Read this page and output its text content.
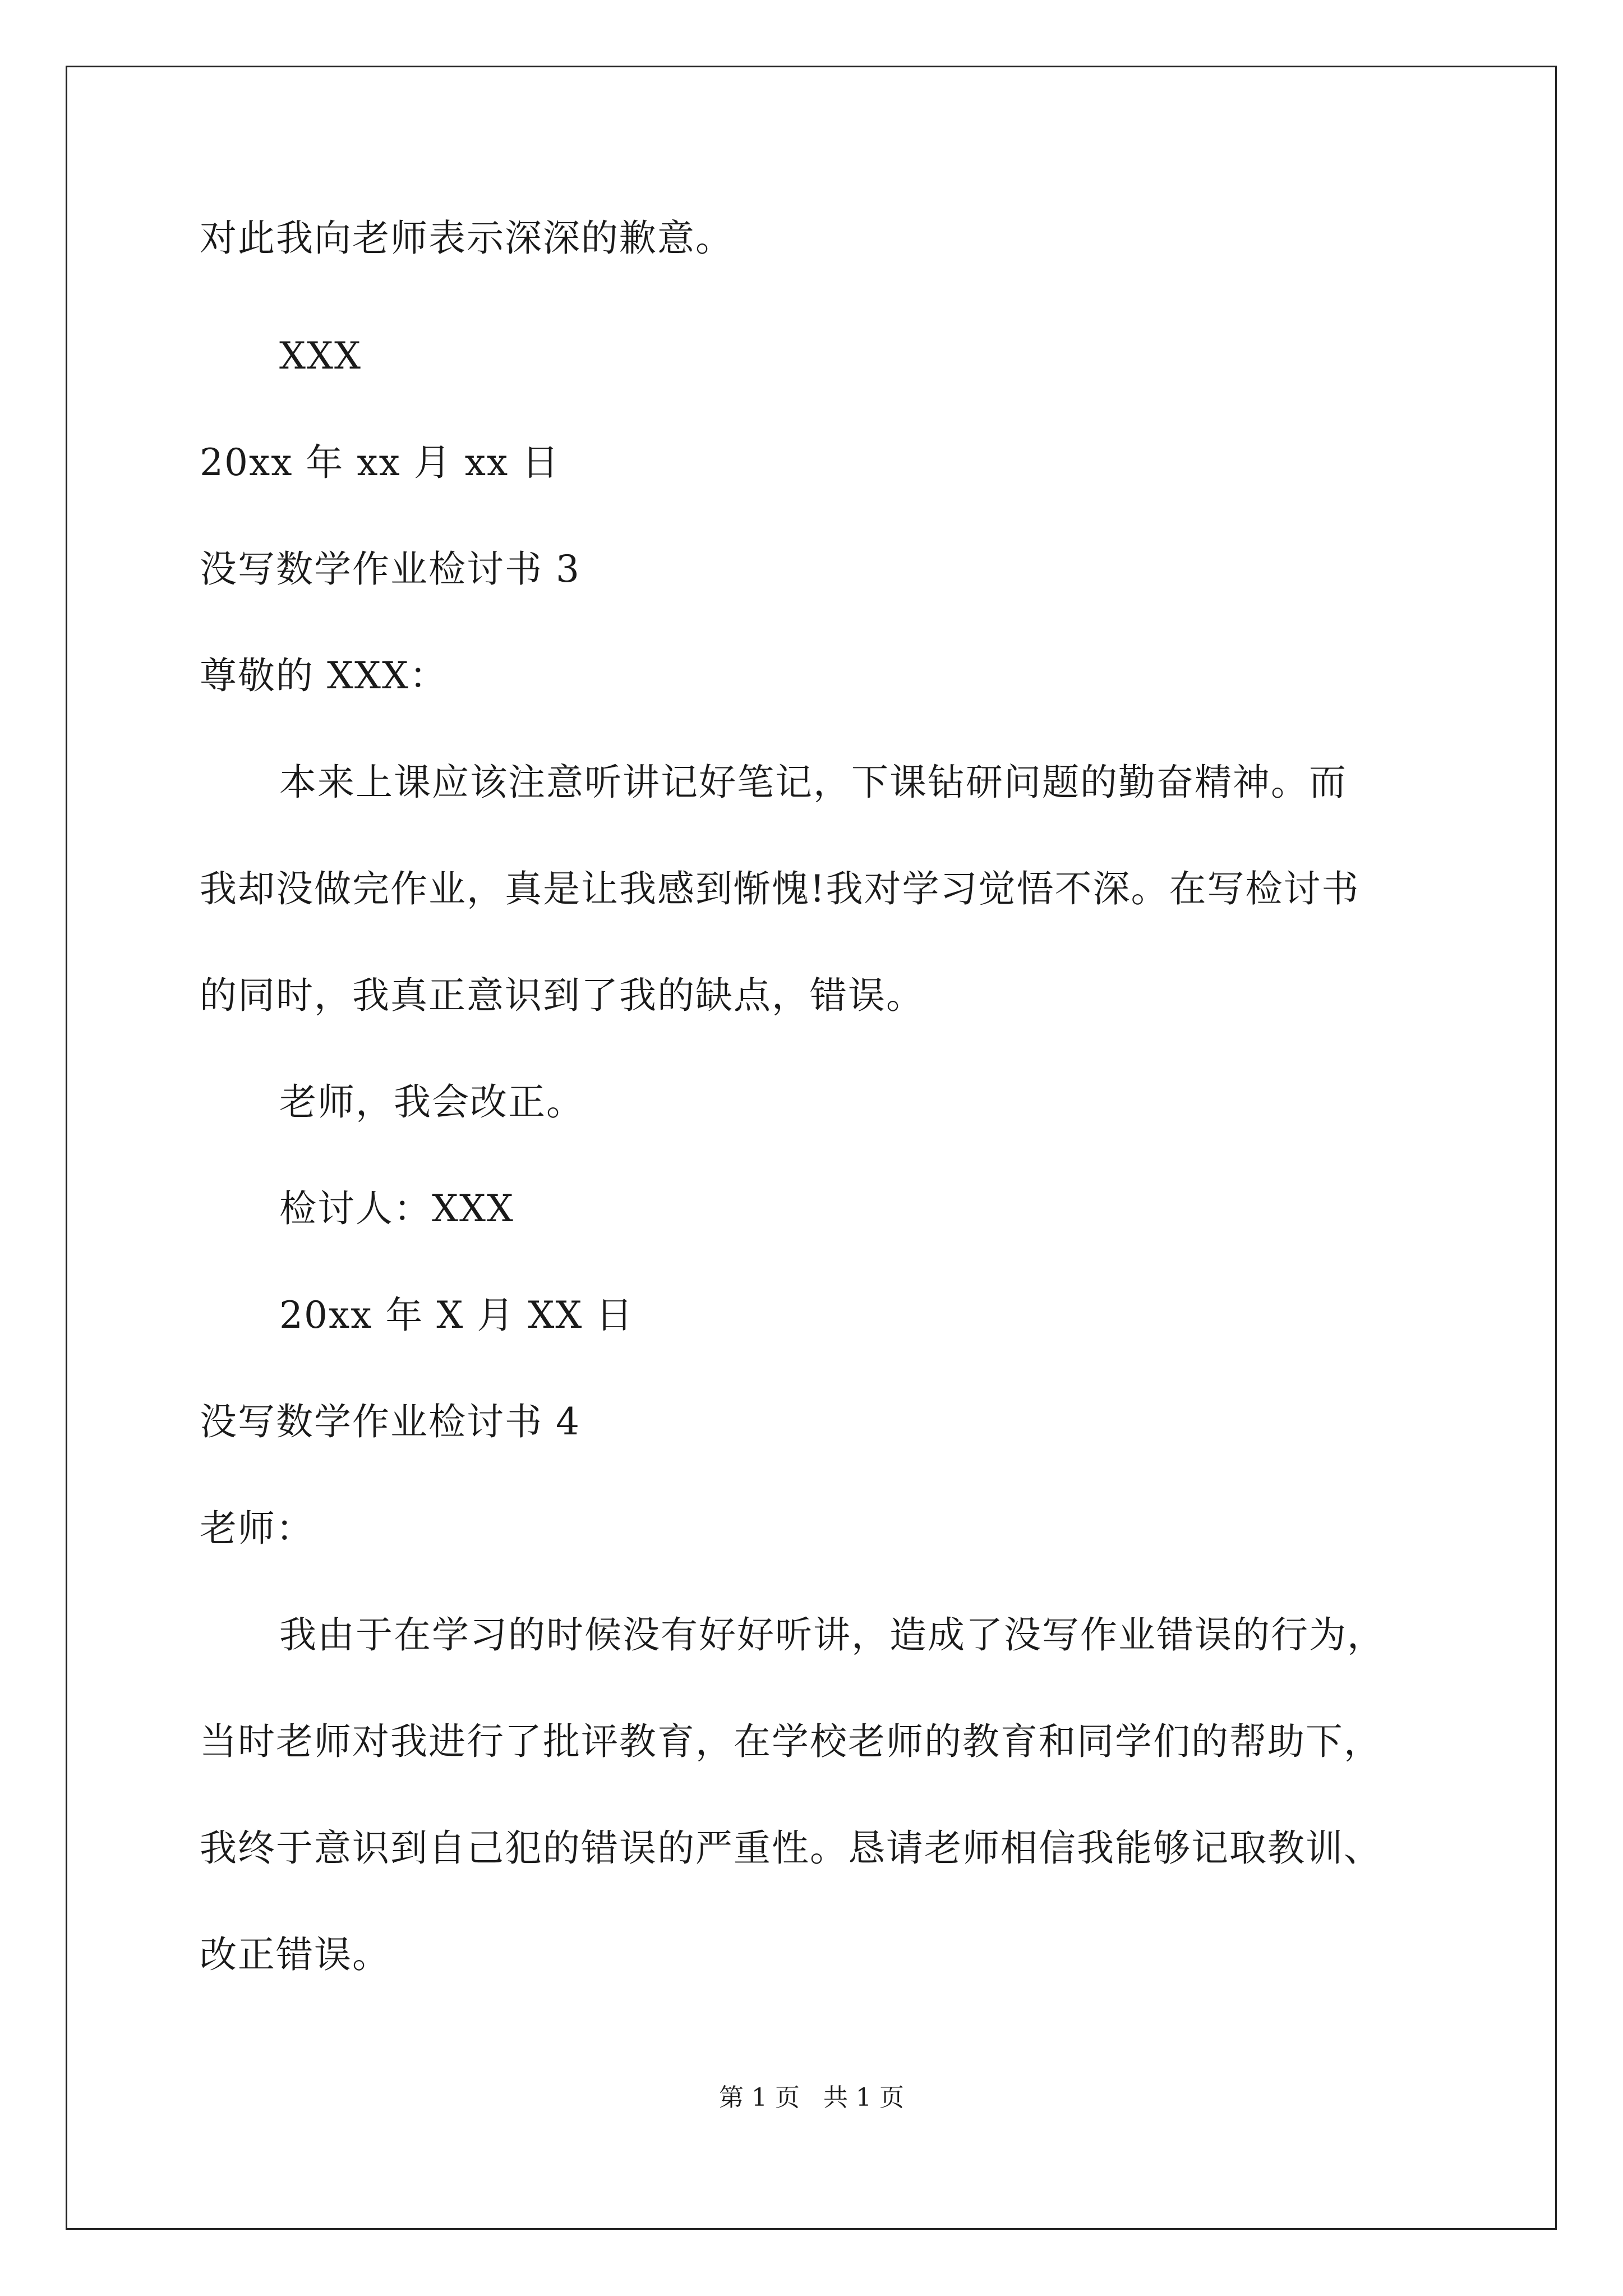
对此我向老师表示深深的歉意。
XXX
20xx 年 xx 月 xx 日
没写数学作业检讨书 3
尊敬的 XXX：
本来上课应该注意听讲记好笔记，下课钻研问题的勤奋精神。而
我却没做完作业，真是让我感到惭愧!我对学习觉悟不深。在写检讨书
的同时，我真正意识到了我的缺点，错误。
老师，我会改正。
检讨人：XXX
20xx 年 X 月 XX 日
没写数学作业检讨书 4
老师：
我由于在学习的时候没有好好听讲，造成了没写作业错误的行为，
当时老师对我进行了批评教育，在学校老师的教育和同学们的帮助下，
我终于意识到自己犯的错误的严重性。恳请老师相信我能够记取教训、
改正错误。
第 1 页   共 1 页
